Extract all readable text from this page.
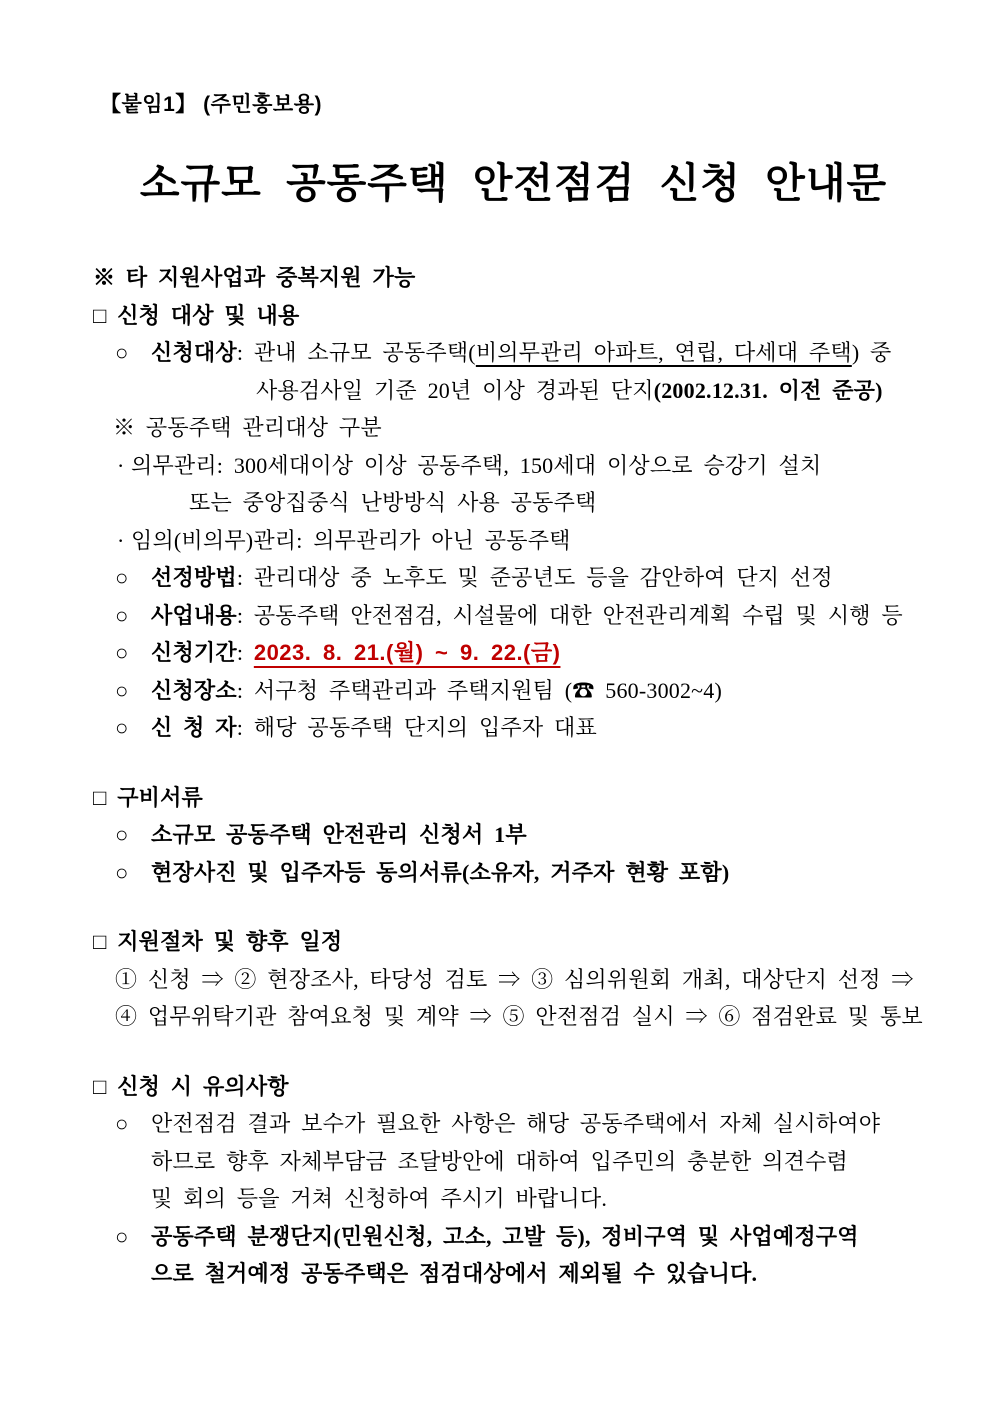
【붙임1】 (주민홍보용)
소규모 공동주택 안전점검 신청 안내문
※ 타 지원사업과 중복지원 가능
□ 신청 대상 및 내용
○	신청대상: 관내 소규모 공동주택(비의무관리 아파트, 연립, 다세대 주택) 중
사용검사일 기준 20년 이상 경과된 단지(2002.12.31. 이전 준공)
※ 공동주택 관리대상 구분
· 의무관리: 300세대이상 이상 공동주택, 150세대 이상으로 승강기 설치
또는 중앙집중식 난방방식 사용 공동주택
· 임의(비의무)관리: 의무관리가 아닌 공동주택
○	선정방법: 관리대상 중 노후도 및 준공년도 등을 감안하여 단지 선정
○	사업내용: 공동주택 안전점검, 시설물에 대한 안전관리계획 수립 및 시행 등
○	신청기간: 2023. 8. 21.(월) ~ 9. 22.(금)
○	신청장소: 서구청 주택관리과 주택지원팀 (☎ 560-3002~4)
○	신 청 자: 해당 공동주택 단지의 입주자 대표
□ 구비서류
○	소규모 공동주택 안전관리 신청서 1부
○	현장사진 및 입주자등 동의서류(소유자, 거주자 현황 포함)
□ 지원절차 및 향후 일정
① 신청 ⇒ ② 현장조사, 타당성 검토 ⇒ ③ 심의위원회 개최, 대상단지 선정 ⇒
④ 업무위탁기관 참여요청 및 계약 ⇒ ⑤ 안전점검 실시 ⇒ ⑥ 점검완료 및 통보
□ 신청 시 유의사항
○	안전점검 결과 보수가 필요한 사항은 해당 공동주택에서 자체 실시하여야
하므로 향후 자체부담금 조달방안에 대하여 입주민의 충분한 의견수렴
및 회의 등을 거쳐 신청하여 주시기 바랍니다.
○	공동주택 분쟁단지(민원신청, 고소, 고발 등), 정비구역 및 사업예정구역
으로 철거예정 공동주택은 점검대상에서 제외될 수 있습니다.
